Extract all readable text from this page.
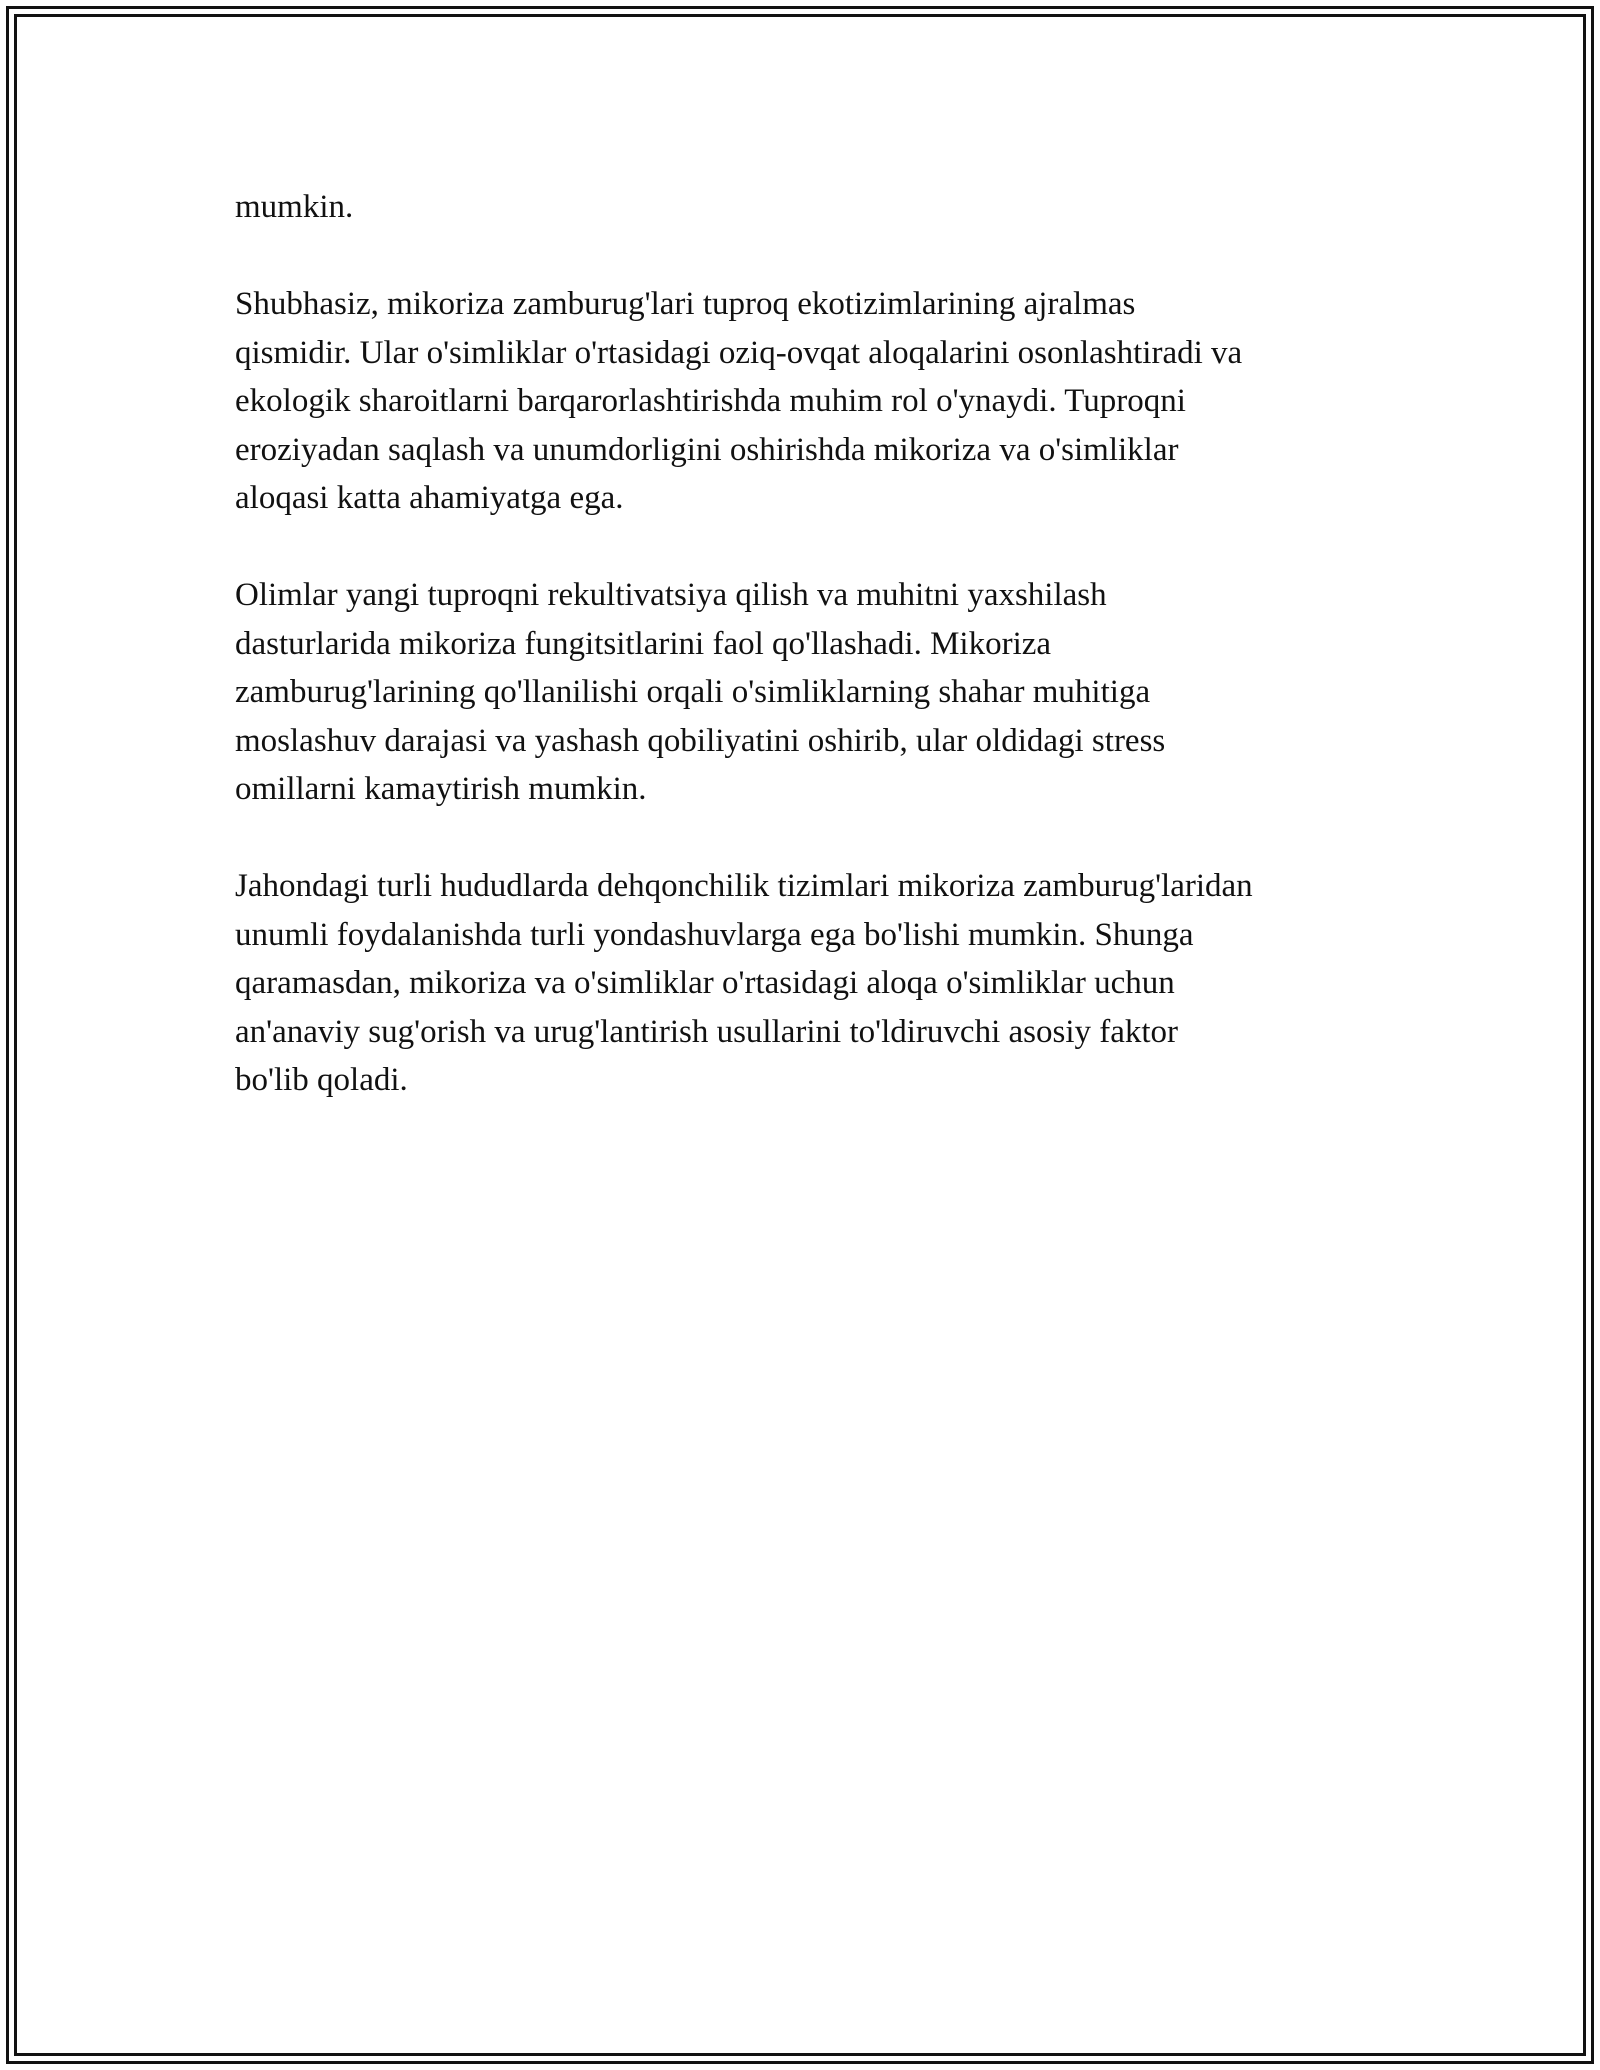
mumkin.

Shubhasiz, mikoriza zamburug'lari tuproq ekotizimlarining ajralmas
qismidir. Ular o'simliklar o'rtasidagi oziq-ovqat aloqalarini osonlashtiradi va
ekologik sharoitlarni barqarorlashtirishda muhim rol o'ynaydi. Tuproqni
eroziyadan saqlash va unumdorligini oshirishda mikoriza va o'simliklar
aloqasi katta ahamiyatga ega.

Olimlar yangi tuproqni rekultivatsiya qilish va muhitni yaxshilash
dasturlarida mikoriza fungitsitlarini faol qo'llashadi. Mikoriza
zamburug'larining qo'llanilishi orqali o'simliklarning shahar muhitiga
moslashuv darajasi va yashash qobiliyatini oshirib, ular oldidagi stress
omillarni kamaytirish mumkin.

Jahondagi turli hududlarda dehqonchilik tizimlari mikoriza zamburug'laridan
unumli foydalanishda turli yondashuvlarga ega bo'lishi mumkin. Shunga
qaramasdan, mikoriza va o'simliklar o'rtasidagi aloqa o'simliklar uchun
an'anaviy sug'orish va urug'lantirish usullarini to'ldiruvchi asosiy faktor
bo'lib qoladi.
